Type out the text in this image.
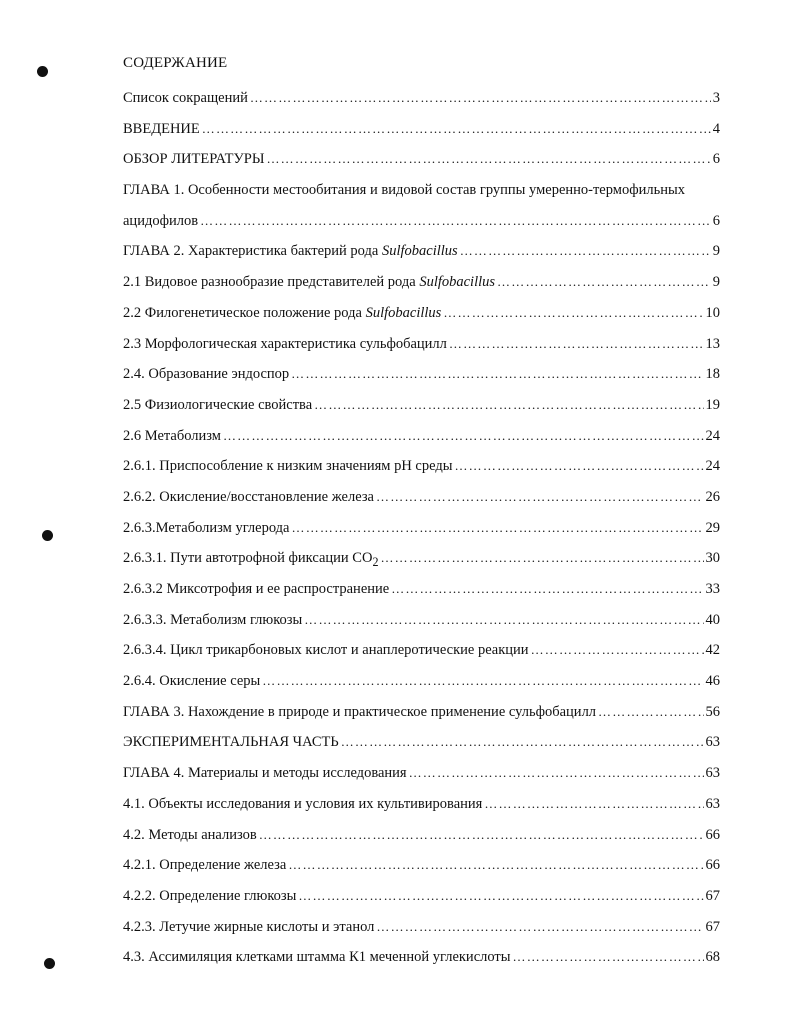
СОДЕРЖАНИЕ
Список сокращений ………………………………………………………………………………………………………………………………………………………………………………………………………………	3
ВВЕДЕНИЕ ………………………………………………………………………………………………………………………………………………………………………………………………………………	4
ОБЗОР ЛИТЕРАТУРЫ ………………………………………………………………………………………………………………………………………………………………………………………………………………	6
ГЛАВА 1. Особенности местообитания и видовой состав группы умеренно-термофильных
ацидофилов ………………………………………………………………………………………………………………………………………………………………………………………………………………	6
ГЛАВА 2. Характеристика бактерий рода Sulfobacillus ………………………………………………………………………………………………………………………………………………………………………………………………………………	9
2.1 Видовое разнообразие представителей рода Sulfobacillus ………………………………………………………………………………………………………………………………………………………………………………………………………………	9
2.2 Филогенетическое положение рода Sulfobacillus ………………………………………………………………………………………………………………………………………………………………………………………………………………	10
2.3 Морфологическая характеристика сульфобацилл ………………………………………………………………………………………………………………………………………………………………………………………………………………	13
2.4. Образование эндоспор ………………………………………………………………………………………………………………………………………………………………………………………………………………	18
2.5 Физиологические свойства ………………………………………………………………………………………………………………………………………………………………………………………………………………	19
2.6 Метаболизм ………………………………………………………………………………………………………………………………………………………………………………………………………………	24
2.6.1. Приспособление к низким значениям pH среды ………………………………………………………………………………………………………………………………………………………………………………………………………………	24
2.6.2. Окисление/восстановление железа ………………………………………………………………………………………………………………………………………………………………………………………………………………	26
2.6.3.Метаболизм углерода ………………………………………………………………………………………………………………………………………………………………………………………………………………	29
2.6.3.1. Пути автотрофной фиксации $CO_2$ ………………………………………………………………………………………………………………………………………………………………………………………………………………	30
2.6.3.2 Миксотрофия и ее распространение ………………………………………………………………………………………………………………………………………………………………………………………………………………	33
2.6.3.3. Метаболизм глюкозы ………………………………………………………………………………………………………………………………………………………………………………………………………………	40
2.6.3.4. Цикл трикарбоновых кислот и анаплеротические реакции ………………………………………………………………………………………………………………………………………………………………………………………………………………	42
2.6.4. Окисление серы ………………………………………………………………………………………………………………………………………………………………………………………………………………	46
ГЛАВА 3. Нахождение в природе и практическое применение сульфобацилл ………………………………………………………………………………………………………………………………………………………………………………………………………………	56
ЭКСПЕРИМЕНТАЛЬНАЯ ЧАСТЬ ………………………………………………………………………………………………………………………………………………………………………………………………………………	63
ГЛАВА 4. Материалы и методы исследования ………………………………………………………………………………………………………………………………………………………………………………………………………………	63
4.1. Объекты исследования и условия их культивирования ………………………………………………………………………………………………………………………………………………………………………………………………………………	63
4.2. Методы анализов ………………………………………………………………………………………………………………………………………………………………………………………………………………	66
4.2.1. Определение железа ………………………………………………………………………………………………………………………………………………………………………………………………………………	66
4.2.2. Определение глюкозы ………………………………………………………………………………………………………………………………………………………………………………………………………………	67
4.2.3. Летучие жирные кислоты и этанол ………………………………………………………………………………………………………………………………………………………………………………………………………………	67
4.3. Ассимиляция клетками штамма К1 меченной углекислоты ………………………………………………………………………………………………………………………………………………………………………………………………………………	68
